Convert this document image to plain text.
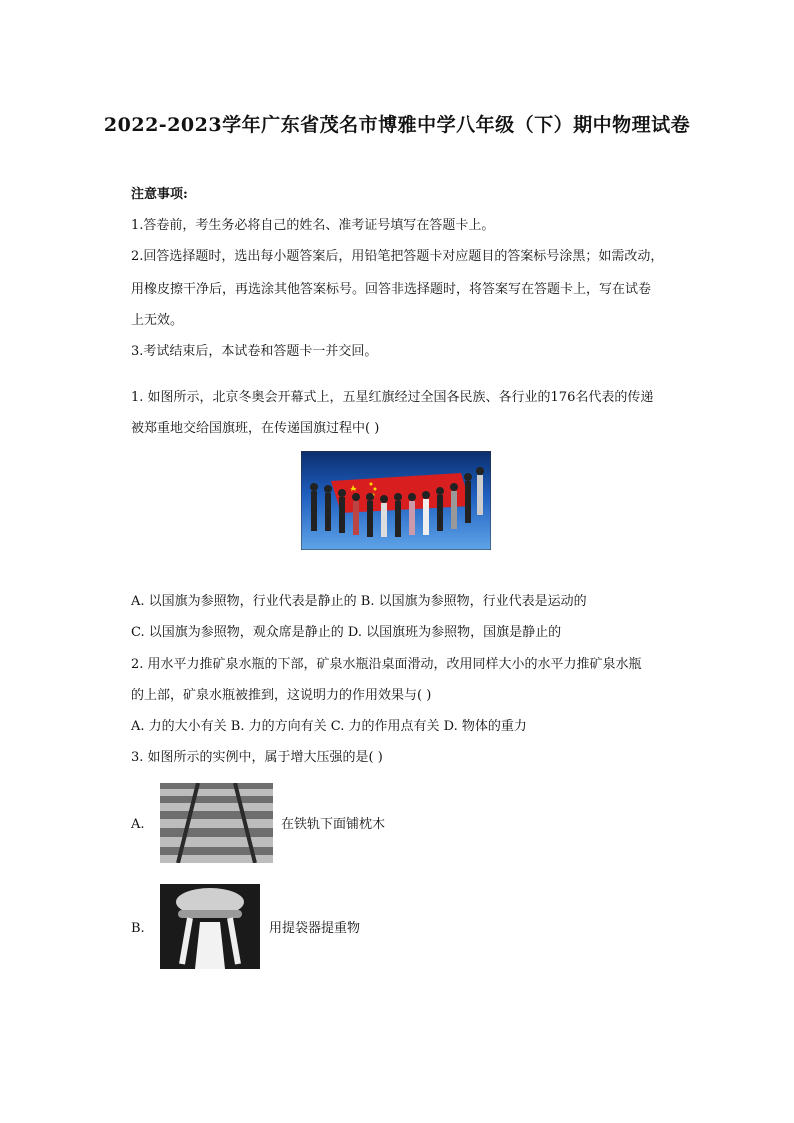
2022-2023学年广东省茂名市博雅中学八年级（下）期中物理试卷
注意事项:
1.答卷前，考生务必将自己的姓名、准考证号填写在答题卡上。
2.回答选择题时，选出每小题答案后，用铅笔把答题卡对应题目的答案标号涂黑；如需改动，
用橡皮擦干净后，再选涂其他答案标号。回答非选择题时，将答案写在答题卡上，写在试卷
上无效。
3.考试结束后，本试卷和答题卡一并交回。
1. 如图所示，北京冬奥会开幕式上，五星红旗经过全国各民族、各行业的176名代表的传递
被郑重地交给国旗班，在传递国旗过程中( )
A. 以国旗为参照物，行业代表是静止的 B. 以国旗为参照物，行业代表是运动的
C. 以国旗为参照物，观众席是静止的 D. 以国旗班为参照物，国旗是静止的
2. 用水平力推矿泉水瓶的下部，矿泉水瓶沿桌面滑动，改用同样大小的水平力推矿泉水瓶
的上部，矿泉水瓶被推到，这说明力的作用效果与( )
A. 力的大小有关 B. 力的方向有关 C. 力的作用点有关 D. 物体的重力
3. 如图所示的实例中，属于增大压强的是( )
A.	在铁轨下面铺枕木
B.	用提袋器提重物
